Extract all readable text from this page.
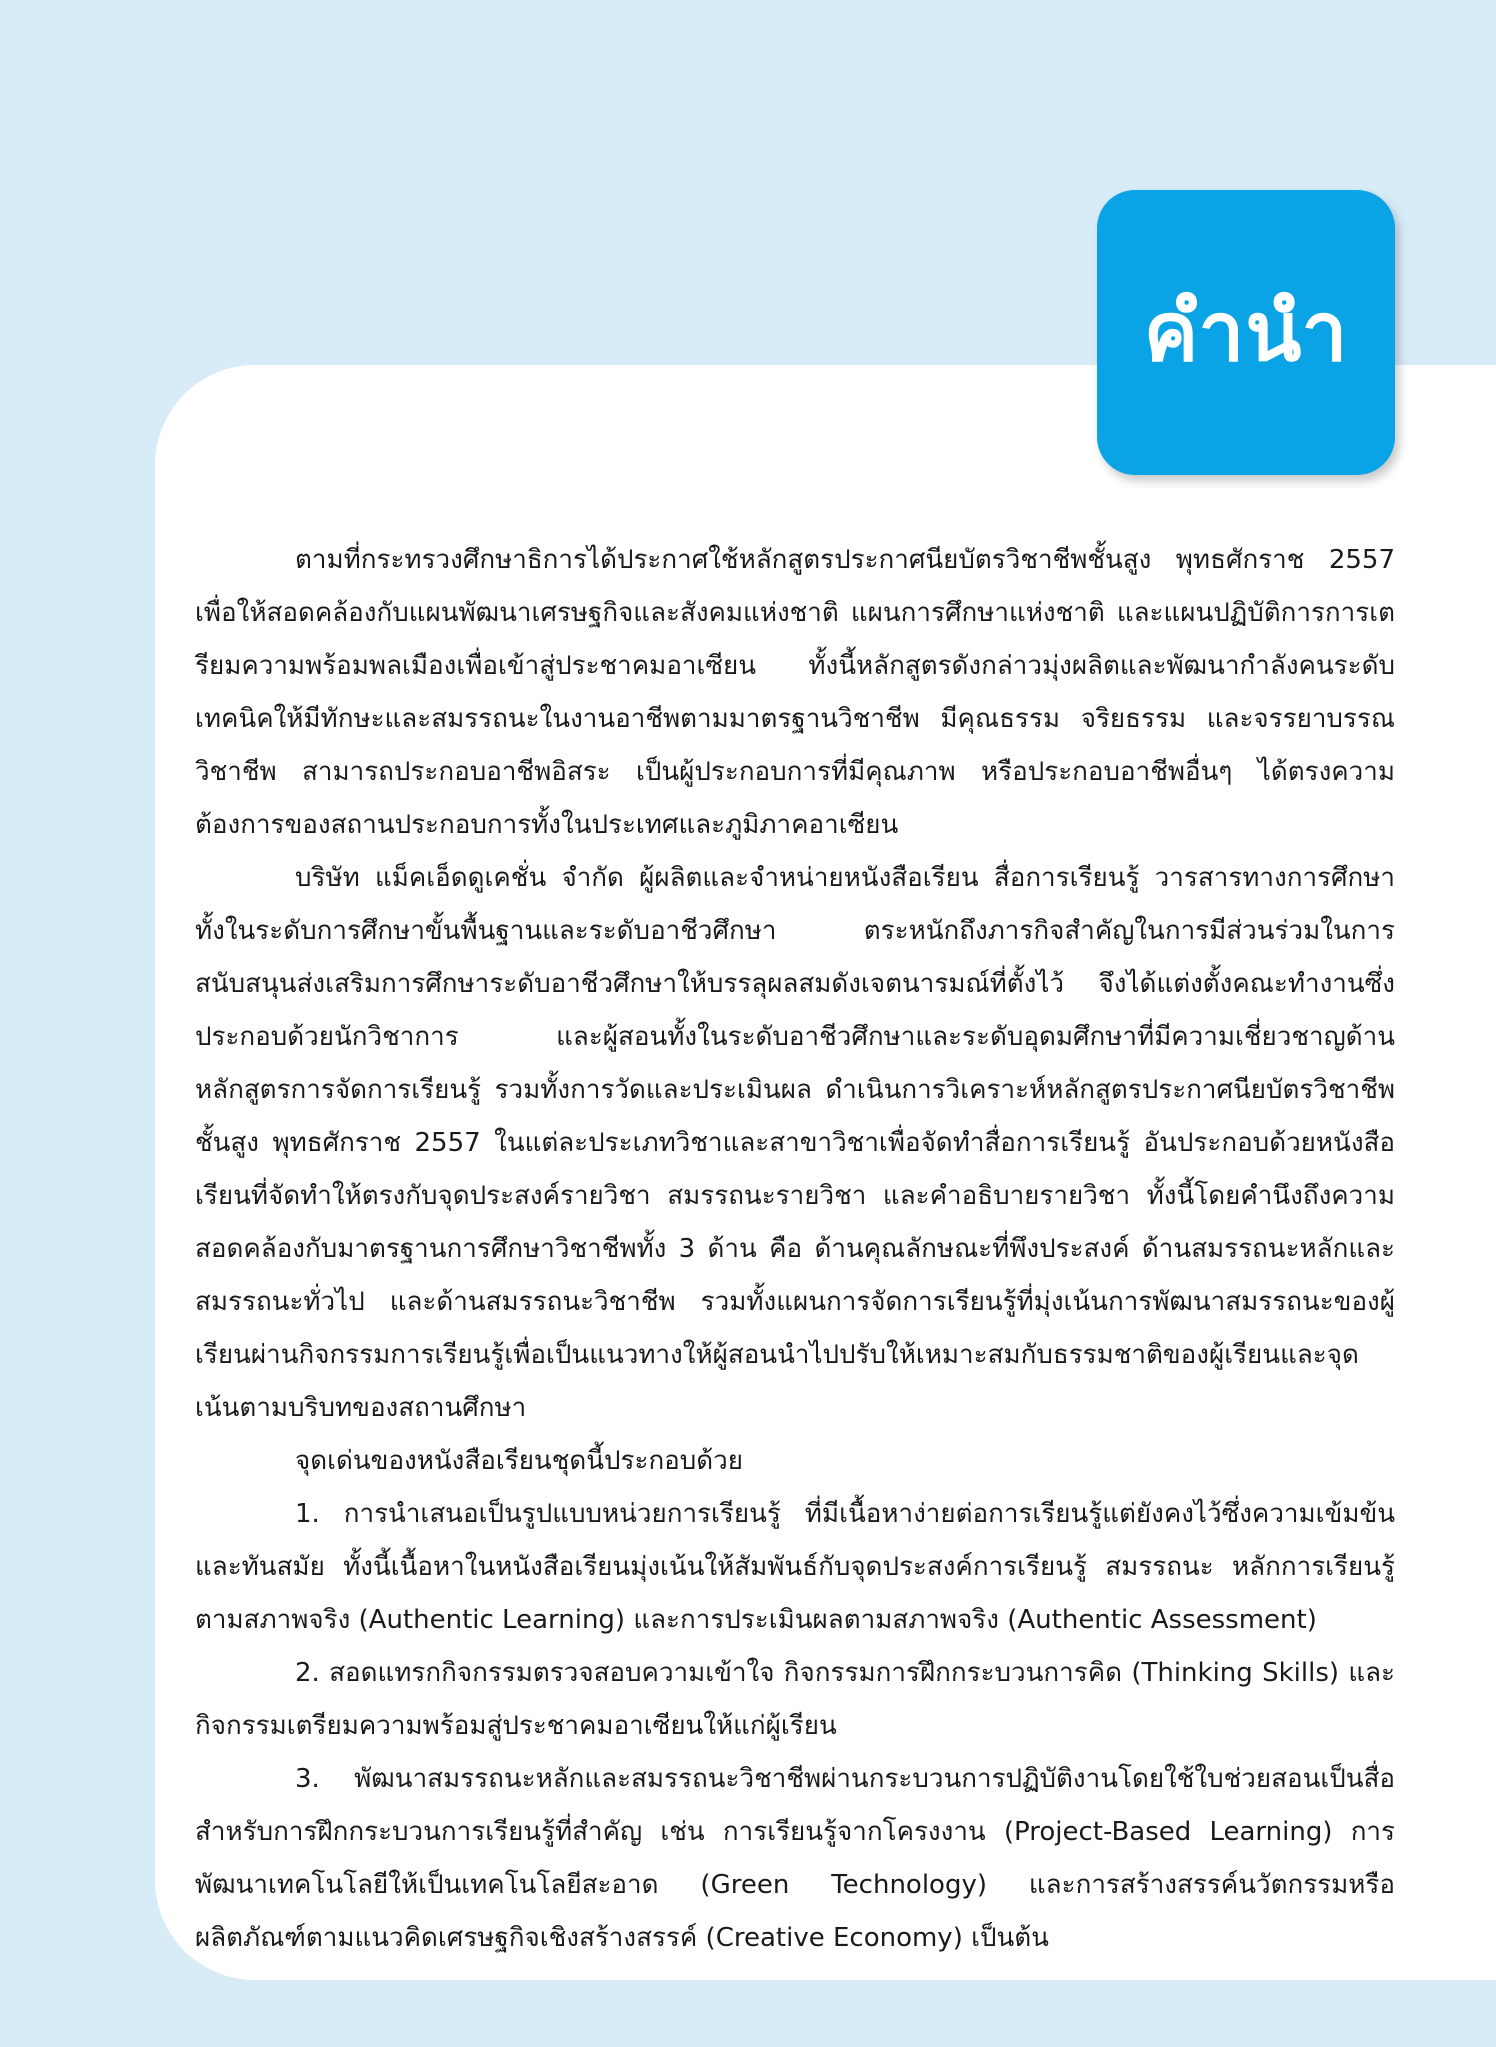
คำนำ

ตามที่กระทรวงศึกษาธิการได้ประกาศใช้หลักสูตรประกาศนียบัตรวิชาชีพชั้นสูง พุทธศักราช 2557 เพื่อให้สอดคล้องกับแผนพัฒนาเศรษฐกิจและสังคมแห่งชาติ แผนการศึกษาแห่งชาติ และแผนปฏิบัติการการเตรียมความพร้อมพลเมืองเพื่อเข้าสู่ประชาคมอาเซียน ทั้งนี้หลักสูตรดังกล่าวมุ่งผลิตและพัฒนากำลังคนระดับเทคนิคให้มีทักษะและสมรรถนะในงานอาชีพตามมาตรฐานวิชาชีพ มีคุณธรรม จริยธรรม และจรรยาบรรณวิชาชีพ สามารถประกอบอาชีพอิสระ เป็นผู้ประกอบการที่มีคุณภาพ หรือประกอบอาชีพอื่นๆ ได้ตรงความต้องการของสถานประกอบการทั้งในประเทศและภูมิภาคอาเซียน

บริษัท แม็คเอ็ดดูเคชั่น จำกัด ผู้ผลิตและจำหน่ายหนังสือเรียน สื่อการเรียนรู้ วารสารทางการศึกษา ทั้งในระดับการศึกษาขั้นพื้นฐานและระดับอาชีวศึกษา ตระหนักถึงภารกิจสำคัญในการมีส่วนร่วมในการสนับสนุนส่งเสริมการศึกษาระดับอาชีวศึกษาให้บรรลุผลสมดังเจตนารมณ์ที่ตั้งไว้ จึงได้แต่งตั้งคณะทำงานซึ่งประกอบด้วยนักวิชาการ และผู้สอนทั้งในระดับอาชีวศึกษาและระดับอุดมศึกษาที่มีความเชี่ยวชาญด้านหลักสูตรการจัดการเรียนรู้ รวมทั้งการวัดและประเมินผล ดำเนินการวิเคราะห์หลักสูตรประกาศนียบัตรวิชาชีพชั้นสูง พุทธศักราช 2557 ในแต่ละประเภทวิชาและสาขาวิชาเพื่อจัดทำสื่อการเรียนรู้ อันประกอบด้วยหนังสือเรียนที่จัดทำให้ตรงกับจุดประสงค์รายวิชา สมรรถนะรายวิชา และคำอธิบายรายวิชา ทั้งนี้โดยคำนึงถึงความสอดคล้องกับมาตรฐานการศึกษาวิชาชีพทั้ง 3 ด้าน คือ ด้านคุณลักษณะที่พึงประสงค์ ด้านสมรรถนะหลักและสมรรถนะทั่วไป และด้านสมรรถนะวิชาชีพ รวมทั้งแผนการจัดการเรียนรู้ที่มุ่งเน้นการพัฒนาสมรรถนะของผู้เรียนผ่านกิจกรรมการเรียนรู้เพื่อเป็นแนวทางให้ผู้สอนนำไปปรับให้เหมาะสมกับธรรมชาติของผู้เรียนและจุดเน้นตามบริบทของสถานศึกษา

จุดเด่นของหนังสือเรียนชุดนี้ประกอบด้วย

1. การนำเสนอเป็นรูปแบบหน่วยการเรียนรู้ ที่มีเนื้อหาง่ายต่อการเรียนรู้แต่ยังคงไว้ซึ่งความเข้มข้นและทันสมัย ทั้งนี้เนื้อหาในหนังสือเรียนมุ่งเน้นให้สัมพันธ์กับจุดประสงค์การเรียนรู้ สมรรถนะ หลักการเรียนรู้ตามสภาพจริง (Authentic Learning) และการประเมินผลตามสภาพจริง (Authentic Assessment)

2. สอดแทรกกิจกรรมตรวจสอบความเข้าใจ กิจกรรมการฝึกกระบวนการคิด (Thinking Skills) และกิจกรรมเตรียมความพร้อมสู่ประชาคมอาเซียนให้แก่ผู้เรียน

3. พัฒนาสมรรถนะหลักและสมรรถนะวิชาชีพผ่านกระบวนการปฏิบัติงานโดยใช้ใบช่วยสอนเป็นสื่อสำหรับการฝึกกระบวนการเรียนรู้ที่สำคัญ เช่น การเรียนรู้จากโครงงาน (Project-Based Learning) การพัฒนาเทคโนโลยีให้เป็นเทคโนโลยีสะอาด (Green Technology) และการสร้างสรรค์นวัตกรรมหรือผลิตภัณฑ์ตามแนวคิดเศรษฐกิจเชิงสร้างสรรค์ (Creative Economy) เป็นต้น
